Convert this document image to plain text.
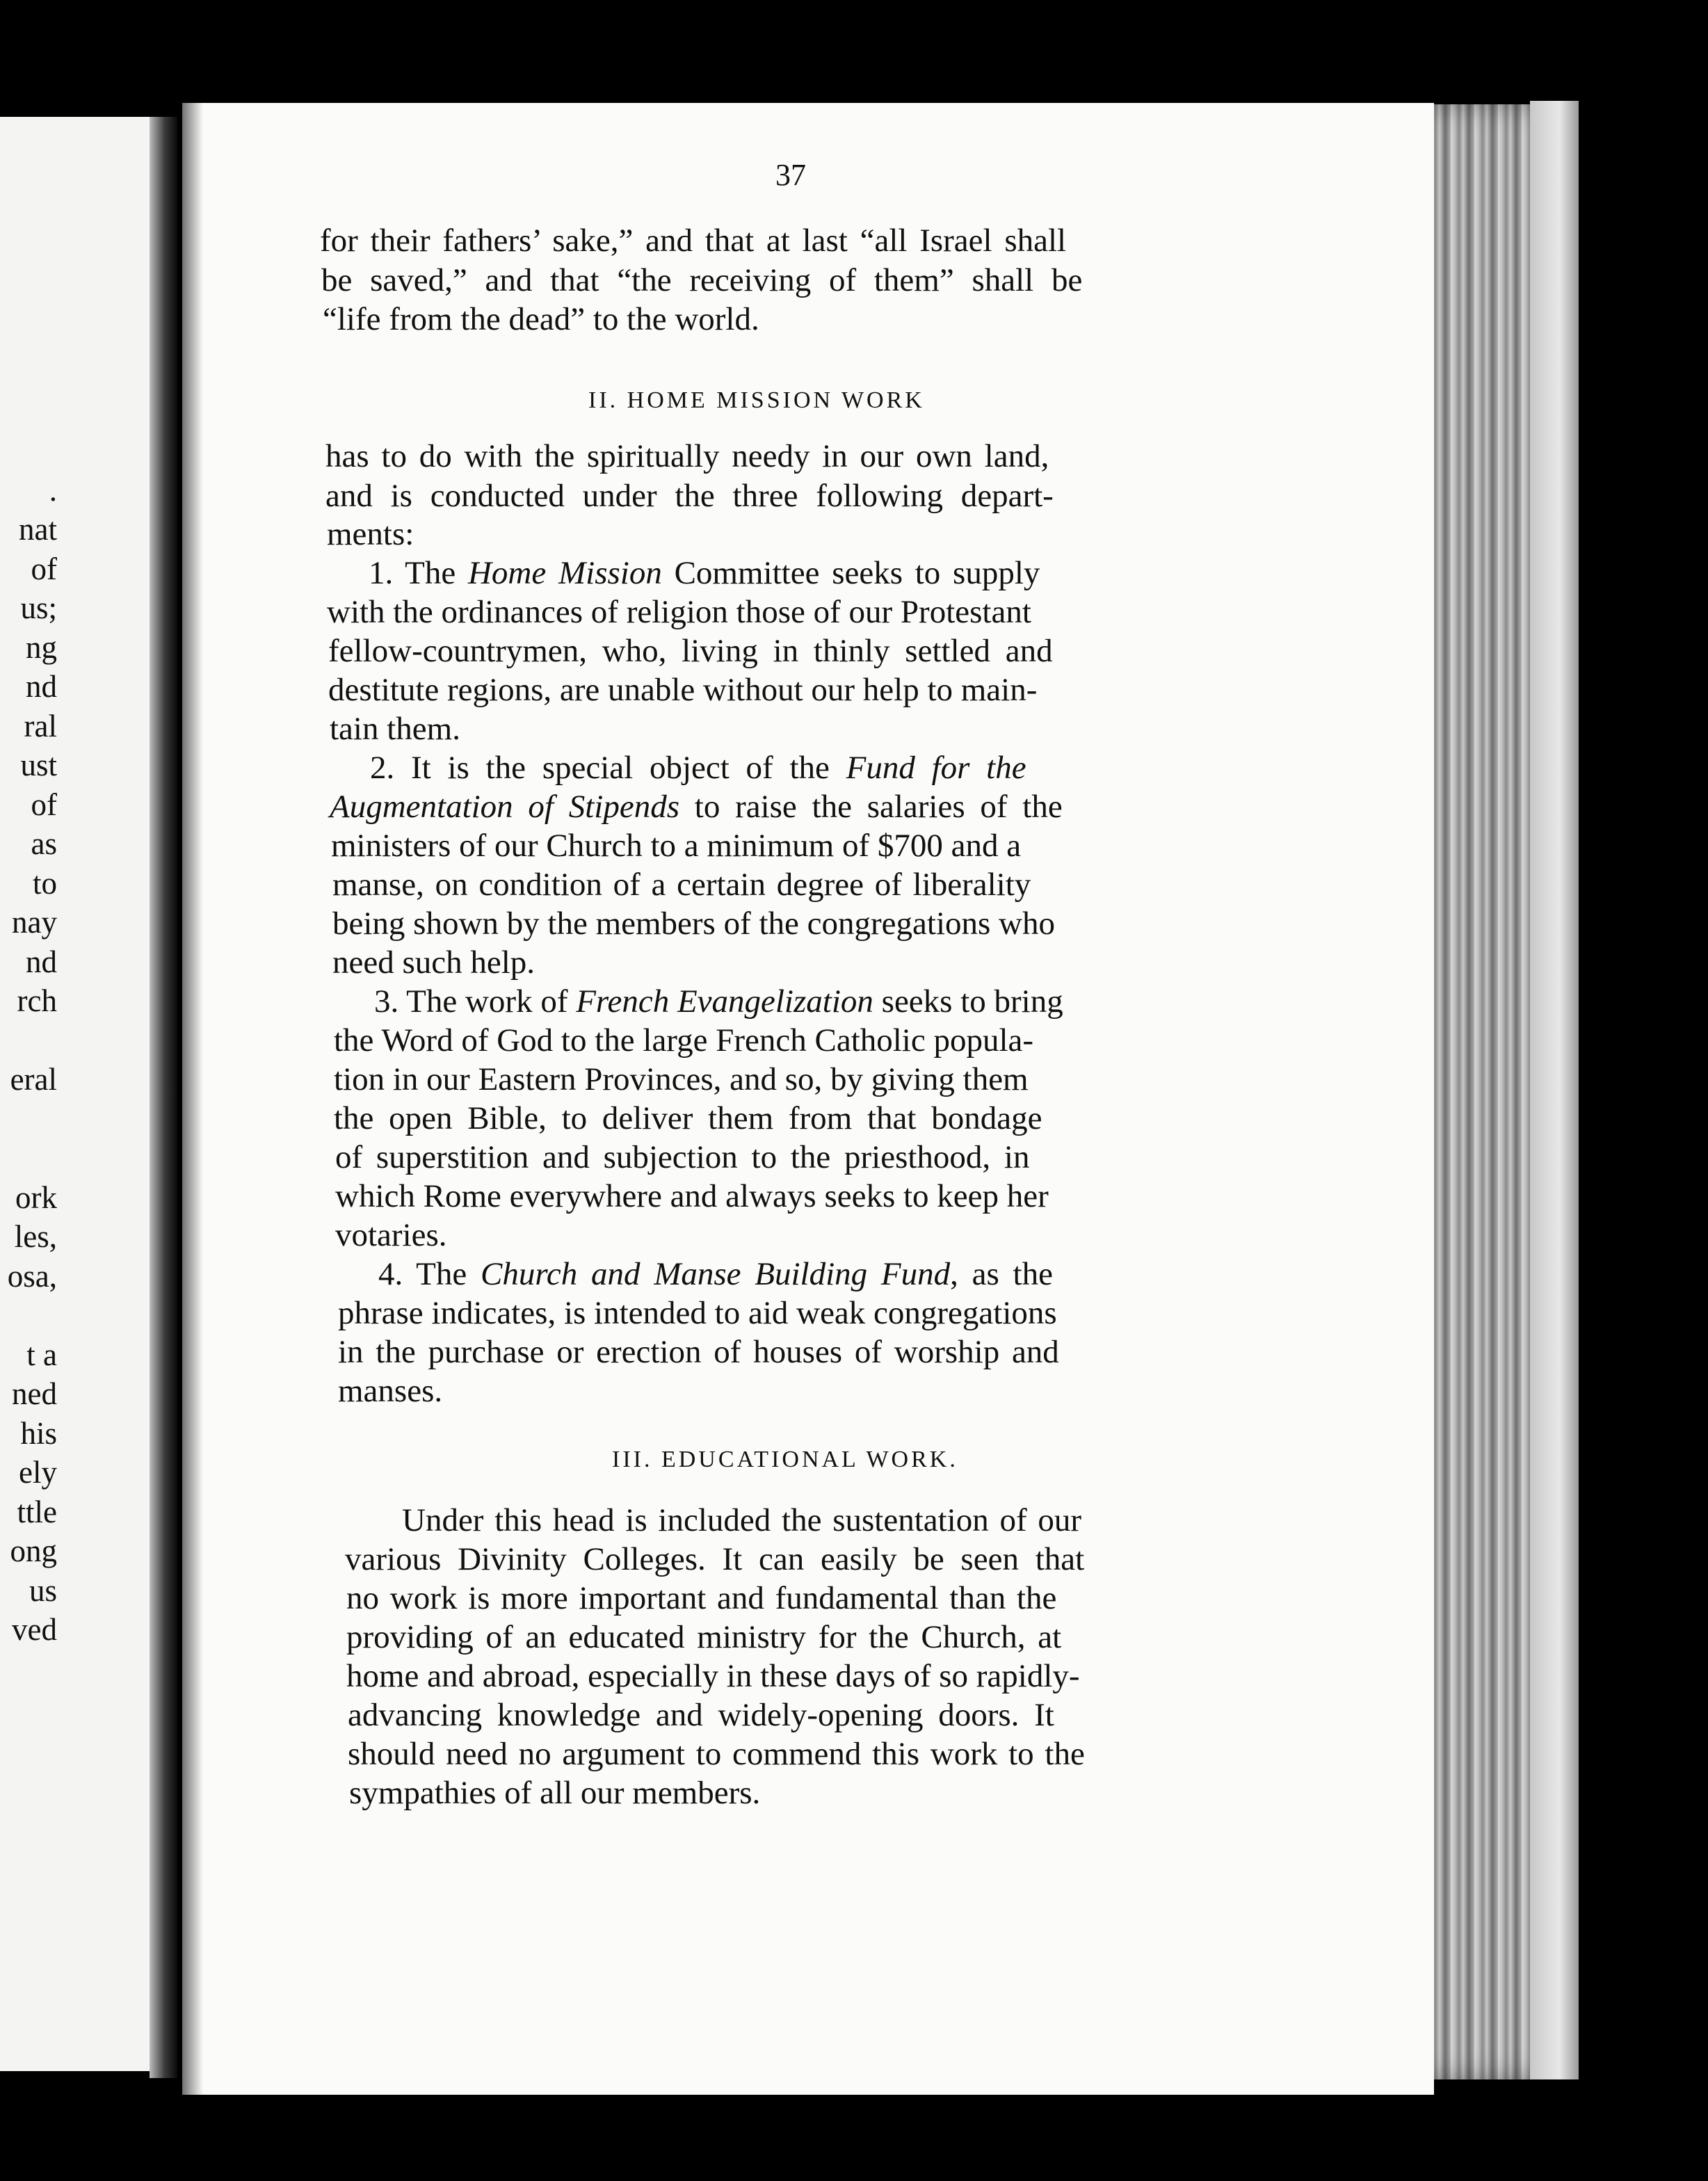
.
nat
of
us;
ng
nd
ral
ust
of
as
to
nay
nd
rch
eral
ork
les,
osa,
t a
ned
his
ely
ttle
ong
us
ved
37
for their fathers’ sake,” and that at last “all Israel shall
be saved,” and that “the receiving of them” shall be
“life from the dead” to the world.
II. HOME MISSION WORK
has to do with the spiritually needy in our own land,
and is conducted under the three following depart-
ments:
1. The Home Mission Committee seeks to supply
with the ordinances of religion those of our Protestant
fellow-countrymen, who, living in thinly settled and
destitute regions, are unable without our help to main-
tain them.
2. It is the special object of the Fund for the
Augmentation of Stipends to raise the salaries of the
ministers of our Church to a minimum of $700 and a
manse, on condition of a certain degree of liberality
being shown by the members of the congregations who
need such help.
3. The work of French Evangelization seeks to bring
the Word of God to the large French Catholic popula-
tion in our Eastern Provinces, and so, by giving them
the open Bible, to deliver them from that bondage
of superstition and subjection to the priesthood, in
which Rome everywhere and always seeks to keep her
votaries.
4. The Church and Manse Building Fund, as the
phrase indicates, is intended to aid weak congregations
in the purchase or erection of houses of worship and
manses.
III. EDUCATIONAL WORK.
Under this head is included the sustentation of our
various Divinity Colleges. It can easily be seen that
no work is more important and fundamental than the
providing of an educated ministry for the Church, at
home and abroad, especially in these days of so rapidly-
advancing knowledge and widely-opening doors. It
should need no argument to commend this work to the
sympathies of all our members.
